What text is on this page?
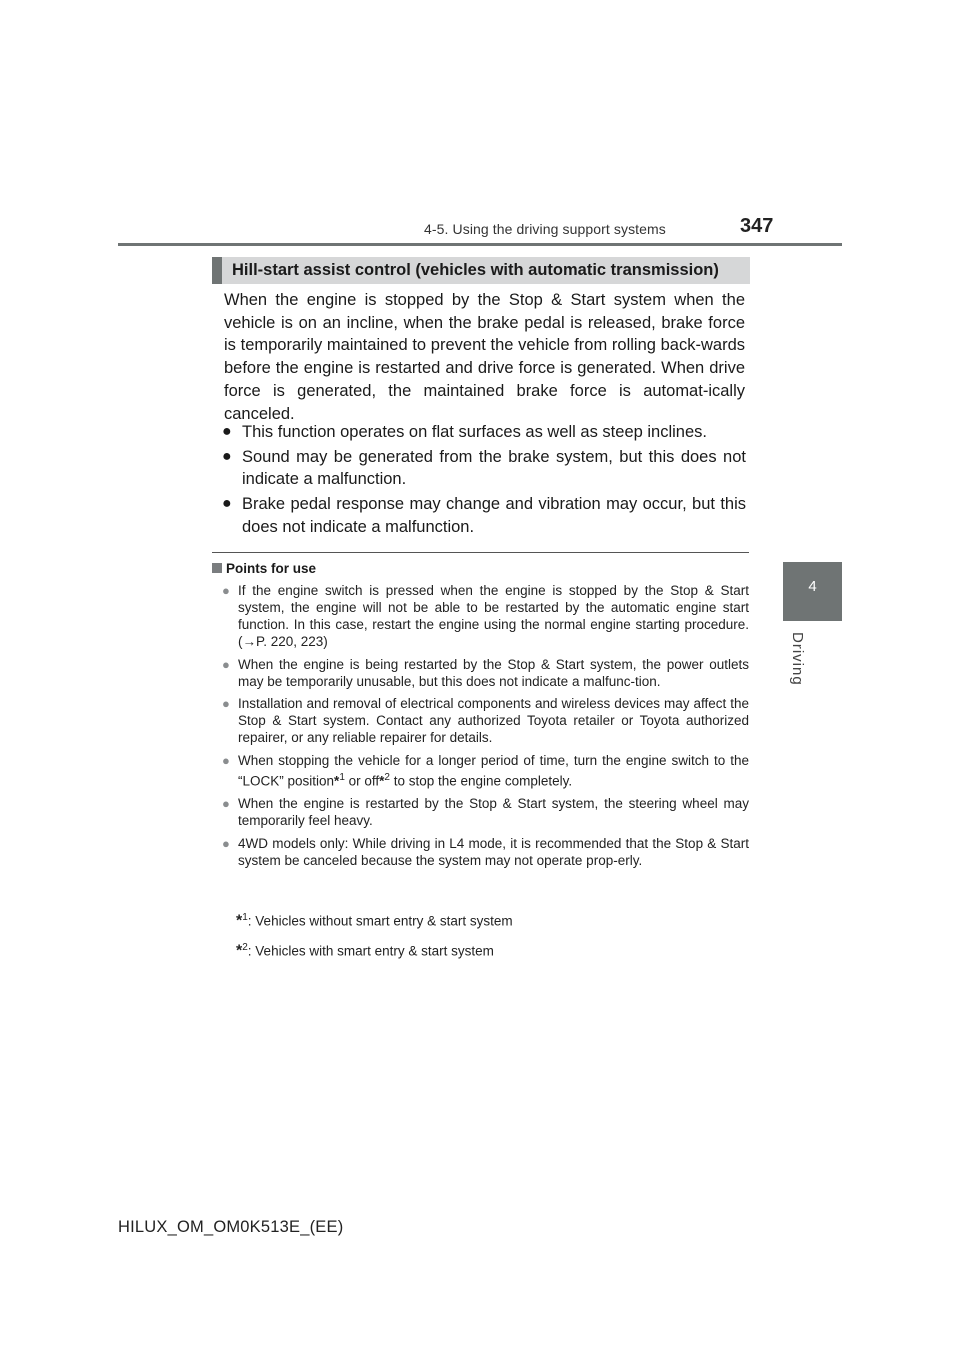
4-5. Using the driving support systems	347
4
Driving
Hill-start assist control (vehicles with automatic transmission)

When the engine is stopped by the Stop & Start system when the vehicle is on an incline, when the brake pedal is released, brake force is temporarily maintained to prevent the vehicle from rolling back-wards before the engine is restarted and drive force is generated. When drive force is generated, the maintained brake force is automat-ically canceled.

● This function operates on flat surfaces as well as steep inclines.
● Sound may be generated from the brake system, but this does not indicate a malfunction.
● Brake pedal response may change and vibration may occur, but this does not indicate a malfunction.
Points for use
● If the engine switch is pressed when the engine is stopped by the Stop & Start system, the engine will not be able to be restarted by the automatic engine start function. In this case, restart the engine using the normal engine starting procedure. (→P. 220, 223)
● When the engine is being restarted by the Stop & Start system, the power outlets may be temporarily unusable, but this does not indicate a malfunc-tion.
● Installation and removal of electrical components and wireless devices may affect the Stop & Start system. Contact any authorized Toyota retailer or Toyota authorized repairer, or any reliable repairer for details.
● When stopping the vehicle for a longer period of time, turn the engine switch to the “LOCK” position*$^1$ or off*$^2$ to stop the engine completely.
● When the engine is restarted by the Stop & Start system, the steering wheel may temporarily feel heavy.
● 4WD models only: While driving in L4 mode, it is recommended that the Stop & Start system be canceled because the system may not operate prop-erly.
*$^1$: Vehicles without smart entry & start system
*$^2$: Vehicles with smart entry & start system
HILUX_OM_OM0K513E_(EE)
